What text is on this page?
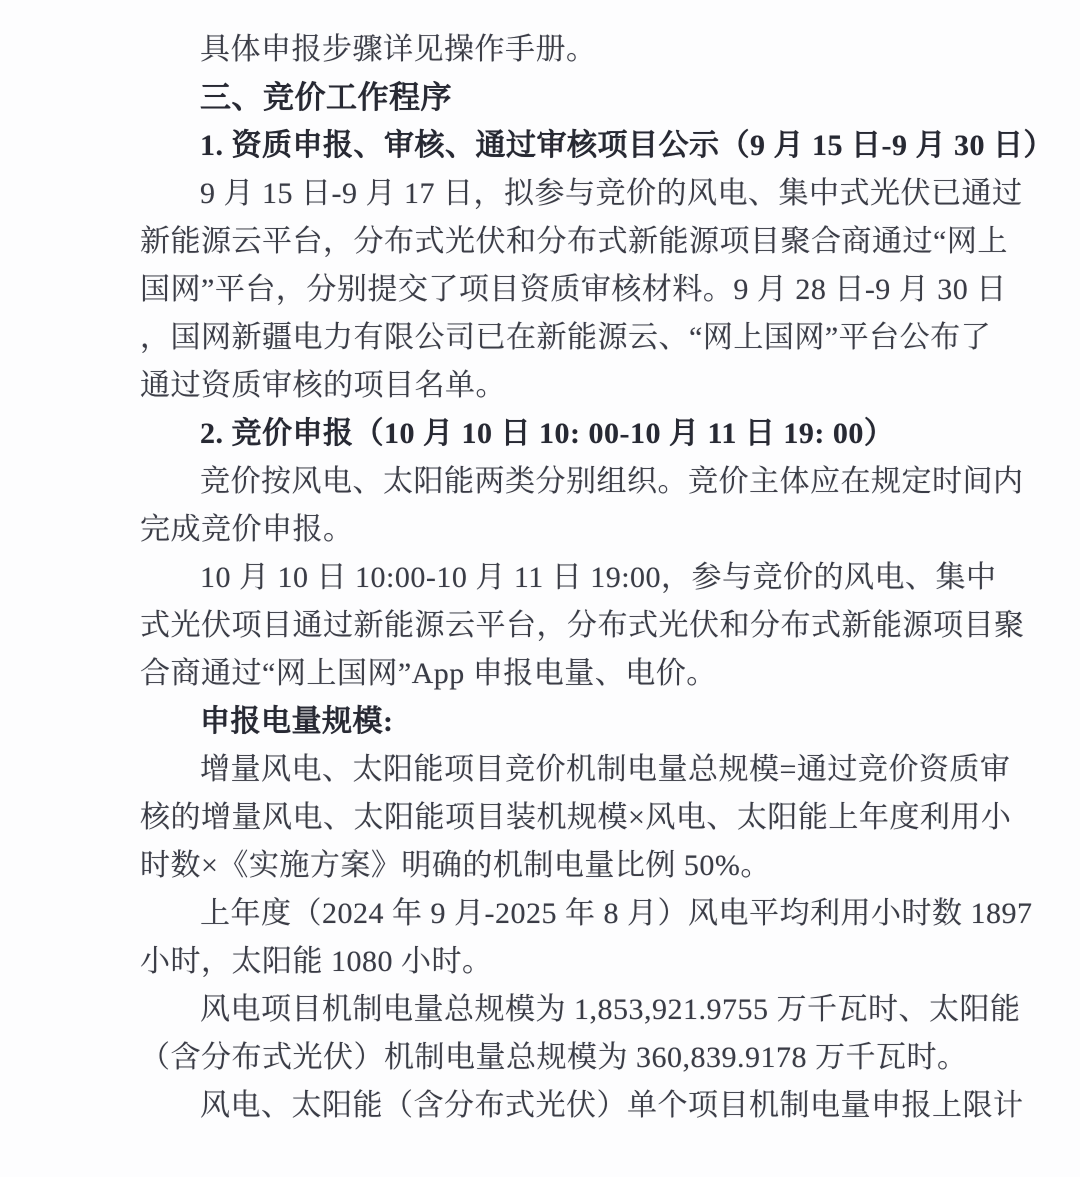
具体申报步骤详见操作手册。
三、竞价工作程序
1. 资质申报、审核、通过审核项目公示（9 月 15 日-9 月 30 日）
9 月 15 日-9 月 17 日，拟参与竞价的风电、集中式光伏已通过
新能源云平台，分布式光伏和分布式新能源项目聚合商通过“网上
国网”平台，分别提交了项目资质审核材料。9 月 28 日-9 月 30 日
，国网新疆电力有限公司已在新能源云、“网上国网”平台公布了
通过资质审核的项目名单。
2. 竞价申报（10 月 10 日 10: 00-10 月 11 日 19: 00）
竞价按风电、太阳能两类分别组织。竞价主体应在规定时间内
完成竞价申报。
10 月 10 日 10:00-10 月 11 日 19:00，参与竞价的风电、集中
式光伏项目通过新能源云平台，分布式光伏和分布式新能源项目聚
合商通过“网上国网”App 申报电量、电价。
申报电量规模:
增量风电、太阳能项目竞价机制电量总规模=通过竞价资质审
核的增量风电、太阳能项目装机规模×风电、太阳能上年度利用小
时数×《实施方案》明确的机制电量比例 50%。
上年度（2024 年 9 月-2025 年 8 月）风电平均利用小时数 1897
小时，太阳能 1080 小时。
风电项目机制电量总规模为 1,853,921.9755 万千瓦时、太阳能
（含分布式光伏）机制电量总规模为 360,839.9178 万千瓦时。
风电、太阳能（含分布式光伏）单个项目机制电量申报上限计
